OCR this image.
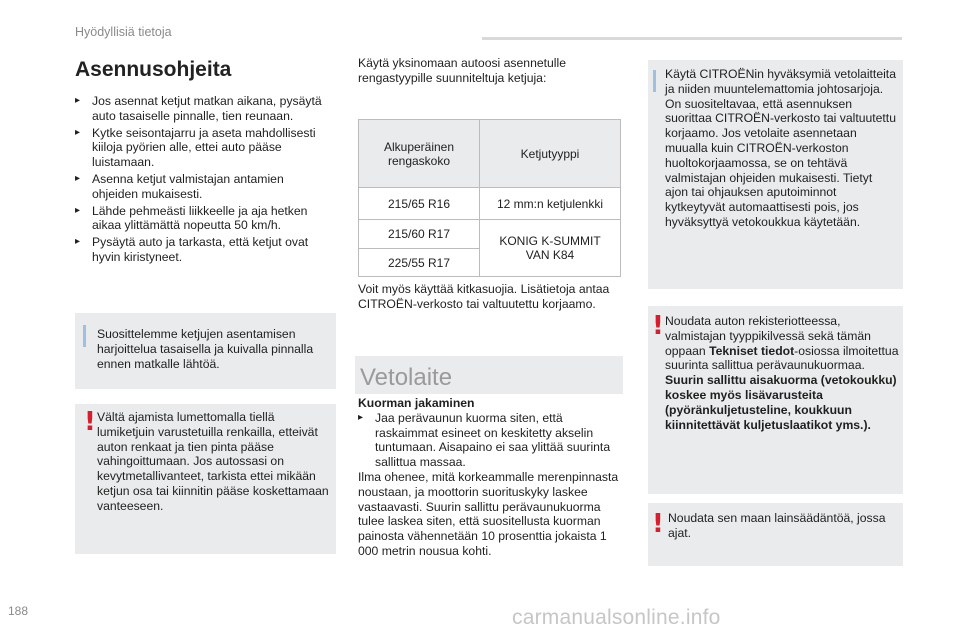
Hyödyllisiä tietoja
188	carmanualsonline.info
Asennusohjeita
▸ Jos asennat ketjut matkan aikana, pysäytä auto tasaiselle pinnalle, tien reunaan.
▸ Kytke seisontajarru ja aseta mahdollisesti kiiloja pyörien alle, ettei auto pääse luistamaan.
▸ Asenna ketjut valmistajan antamien ohjeiden mukaisesti.
▸ Lähde pehmeästi liikkeelle ja aja hetken aikaa ylittämättä nopeutta 50 km/h.
▸ Pysäytä auto ja tarkasta, että ketjut ovat hyvin kiristyneet.
Suosittelemme ketjujen asentamisen harjoittelua tasaisella ja kuivalla pinnalla ennen matkalle lähtöä.
! Vältä ajamista lumettomalla tiellä lumiketjuin varustetuilla renkailla, etteivät auton renkaat ja tien pinta pääse vahingoittumaan. Jos autossasi on kevytmetallivanteet, tarkista ettei mikään ketjun osa tai kiinnitin pääse koskettamaan vanteeseen.
Käytä yksinomaan autoosi asennetulle rengastyypille suunniteltuja ketjuja:
Alkuperäinen rengaskoko	Ketjutyyppi
215/65 R16	12 mm:n ketjulenkki
215/60 R17	KONIG K-SUMMIT VAN K84
225/55 R17	
Voit myös käyttää kitkasuojia. Lisätietoja antaa CITROËN-verkosto tai valtuutettu korjaamo.
Vetolaite
Kuorman jakaminen
▸ Jaa perävaunun kuorma siten, että raskaimmat esineet on keskitetty akselin tuntumaan. Aisapaino ei saa ylittää suurinta sallittua massaa.
Ilma ohenee, mitä korkeammalle merenpinnasta noustaan, ja moottorin suorituskyky laskee vastaavasti. Suurin sallittu perävaunukuorma tulee laskea siten, että suositellusta kuorman painosta vähennetään 10 prosenttia jokaista 1 000 metrin nousua kohti.
Käytä CITROËNin hyväksymiä vetolaitteita ja niiden muuntelemattomia johtosarjoja. On suositeltavaa, että asennuksen suorittaa CITROËN-verkosto tai valtuutettu korjaamo. Jos vetolaite asennetaan muualla kuin CITROËN-verkoston huoltokorjaamossa, se on tehtävä valmistajan ohjeiden mukaisesti. Tietyt ajon tai ohjauksen aputoiminnot kytkeytyvät automaattisesti pois, jos hyväksyttyä vetokoukkua käytetään.
! Noudata auton rekisteriotteessa, valmistajan tyyppikilvessä sekä tämän oppaan Tekniset tiedot-osiossa ilmoitettua suurinta sallittua perävaunukuormaa.
Suurin sallittu aisakuorma (vetokoukku) koskee myös lisävarusteita (pyöränkuljetusteline, koukkuun kiinnitettävät kuljetuslaatikot yms.).
! Noudata sen maan lainsäädäntöä, jossa ajat.
